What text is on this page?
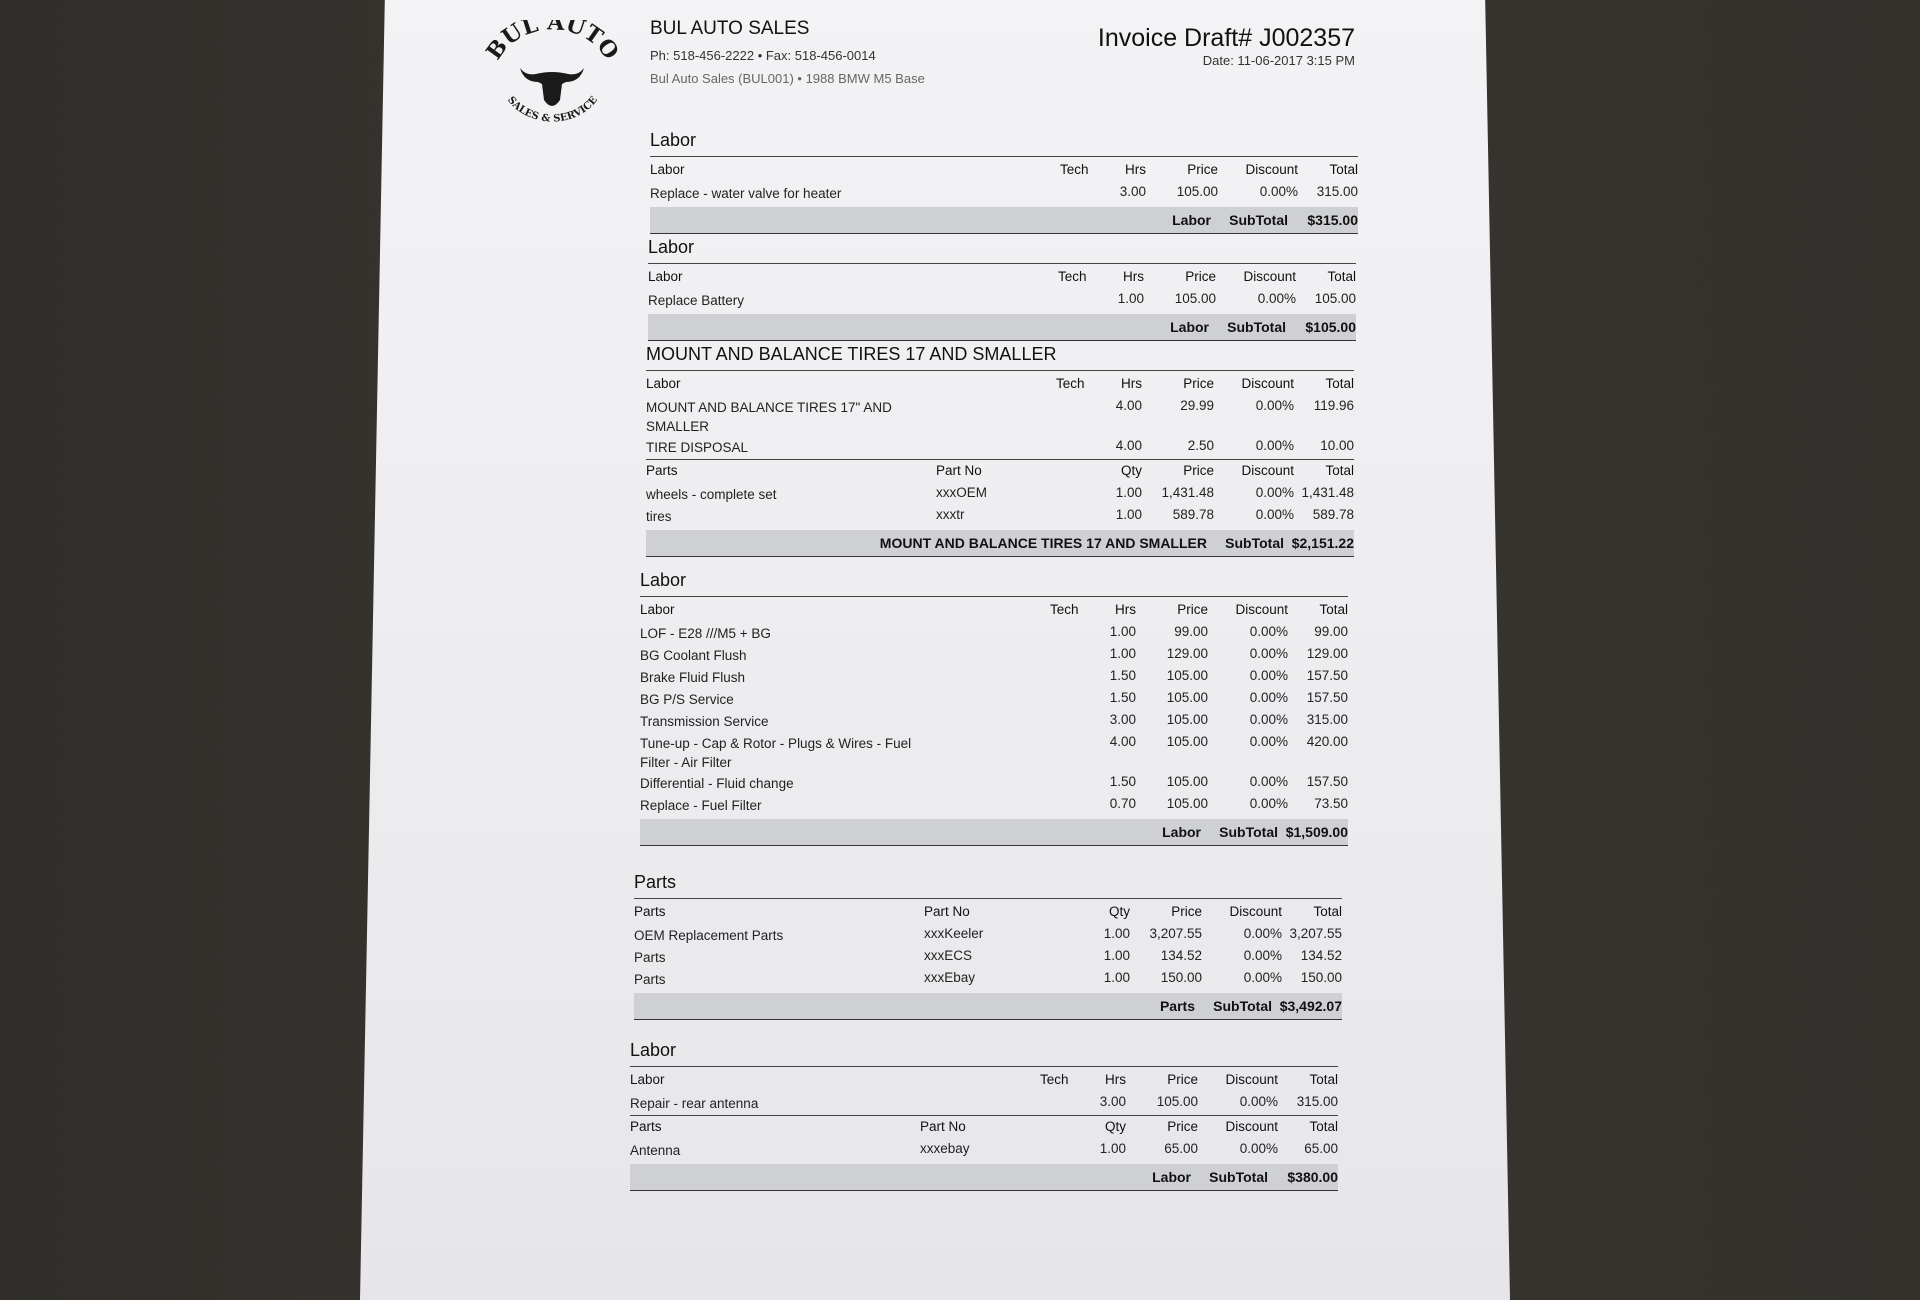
BUL AUTO
SALES & SERVICE
BUL AUTO SALES
Ph: 518-456-2222 • Fax: 518-456-0014
Bul Auto Sales (BUL001) • 1988 BMW M5 Base
Invoice Draft# J002357
Date: 11-06-2017 3:15 PM
Labor
Labor	Tech	Hrs	Price Discount Total
Replace - water valve for heater	3.00 105.00	0.00% 315.00
Labor SubTotal $315.00
Labor
Labor	Tech	Hrs	Price Discount Total
Replace Battery	1.00 105.00	0.00% 105.00
Labor SubTotal $105.00
MOUNT AND BALANCE TIRES 17 AND SMALLER
Labor	Tech	Hrs	Price Discount Total
MOUNT AND BALANCE TIRES 17" AND SMALLER
4.00	29.99	0.00% 119.96
TIRE DISPOSAL	4.00	2.50	0.00% 10.00
Parts	Part No	Qty	Price Discount Total
wheels - complete set	xxxOEM	1.00 1,431.48	0.00% 1,431.48
tires	xxxtr	1.00 589.78	0.00% 589.78
MOUNT AND BALANCE TIRES 17 AND SMALLER SubTotal $2,151.22
Labor
Labor	Tech	Hrs	Price Discount Total
LOF - E28 ///M5 + BG	1.00	99.00	0.00% 99.00
BG Coolant Flush	1.00 129.00	0.00% 129.00
Brake Fluid Flush	1.50 105.00	0.00% 157.50
BG P/S Service	1.50 105.00	0.00% 157.50
Transmission Service	3.00 105.00	0.00% 315.00
Tune-up - Cap & Rotor - Plugs & Wires - Fuel Filter - Air Filter
4.00 105.00	0.00% 420.00
Differential - Fluid change	1.50 105.00	0.00% 157.50
Replace - Fuel Filter	0.70 105.00	0.00% 73.50
Labor SubTotal $1,509.00
Parts
Parts	Part No	Qty	Price Discount Total
OEM Replacement Parts	xxxKeeler	1.00 3,207.55	0.00% 3,207.55
Parts	xxxECS	1.00 134.52	0.00% 134.52
Parts	xxxEbay	1.00 150.00	0.00% 150.00
Parts SubTotal $3,492.07
Labor
Labor	Tech	Hrs	Price Discount Total
Repair - rear antenna	3.00 105.00	0.00% 315.00
Parts	Part No	Qty	Price Discount Total
Antenna	xxxebay	1.00	65.00	0.00% 65.00
Labor SubTotal $380.00
